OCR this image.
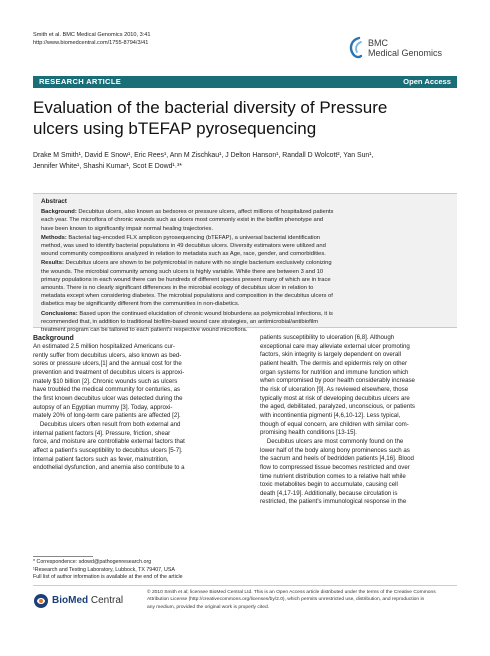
Smith et al. BMC Medical Genomics 2010, 3:41
http://www.biomedcentral.com/1755-8794/3/41	BMC
Medical Genomics
RESEARCH ARTICLE	Open Access
Evaluation of the bacterial diversity of Pressure
ulcers using bTEFAP pyrosequencing
Drake M Smith¹, David E Snow¹, Eric Rees¹, Ann M Zischkau¹, J Delton Hanson¹, Randall D Wolcott², Yan Sun¹,
Jennifer White¹, Shashi Kumar¹, Scot E Dowd¹˒³*
Abstract
Background: Decubitus ulcers, also known as bedsores or pressure ulcers, affect millions of hospitalized patients
each year. The microflora of chronic wounds such as ulcers most commonly exist in the biofilm phenotype and
have been known to significantly impair normal healing trajectories.
Methods: Bacterial tag-encoded FLX amplicon pyrosequencing (bTEFAP), a universal bacterial identification
method, was used to identify bacterial populations in 49 decubitus ulcers. Diversity estimators were utilized and
wound community compositions analyzed in relation to metadata such as Age, race, gender, and comorbidities.
Results: Decubitus ulcers are shown to be polymicrobial in nature with no single bacterium exclusively colonizing
the wounds. The microbial community among such ulcers is highly variable. While there are between 3 and 10
primary populations in each wound there can be hundreds of different species present many of which are in trace
amounts. There is no clearly significant differences in the microbial ecology of decubitus ulcer in relation to
metadata except when considering diabetes. The microbial populations and composition in the decubitus ulcers of
diabetics may be significantly different from the communities in non-diabetics.
Conclusions: Based upon the continued elucidation of chronic wound bioburdens as polymicrobial infections, it is
recommended that, in addition to traditional biofilm-based wound care strategies, an antimicrobial/antibiofilm
treatment program can be tailored to each patient's respective wound microflora.
Background
An estimated 2.5 million hospitalized Americans cur-
rently suffer from decubitus ulcers, also known as bed-
sores or pressure ulcers,[1] and the annual cost for the
prevention and treatment of decubitus ulcers is approxi-
mately $10 billion [2]. Chronic wounds such as ulcers
have troubled the medical community for centuries, as
the first known decubitus ulcer was detected during the
autopsy of an Egyptian mummy [3]. Today, approxi-
mately 20% of long-term care patients are affected [2].
Decubitus ulcers often result from both external and
internal patient factors [4]. Pressure, friction, shear
force, and moisture are controllable external factors that
affect a patient's susceptibility to decubitus ulcers [5-7].
Internal patient factors such as fever, malnutrition,
endothelial dysfunction, and anemia also contribute to a
patients susceptibility to ulceration [6,8]. Although
exceptional care may alleviate external ulcer promoting
factors, skin integrity is largely dependent on overall
patient health. The dermis and epidermis rely on other
organ systems for nutrition and immune function which
when compromised by poor health considerably increase
the risk of ulceration [9]. As reviewed elsewhere, those
typically most at risk of developing decubitus ulcers are
the aged, debilitated, paralyzed, unconscious, or patients
with incontinentia pigmenti [4,6,10-12]. Less typical,
though of equal concern, are children with similar com-
promising health conditions [13-15].
Decubitus ulcers are most commonly found on the
lower half of the body along bony prominences such as
the sacrum and heels of bedridden patients [4,16]. Blood
flow to compressed tissue becomes restricted and over
time nutrient distribution comes to a relative halt while
toxic metabolites begin to accumulate, causing cell
death [4,17-19]. Additionally, because circulation is
restricted, the patient's immunological response in the
* Correspondence: sdowd@pathogenresearch.org
¹Research and Testing Laboratory, Lubbock, TX 79407, USA
Full list of author information is available at the end of the article
BioMed Central
© 2010 Smith et al; licensee BioMed Central Ltd. This is an Open Access article distributed under the terms of the Creative Commons
Attribution License (http://creativecommons.org/licenses/by/2.0), which permits unrestricted use, distribution, and reproduction in
any medium, provided the original work is properly cited.
